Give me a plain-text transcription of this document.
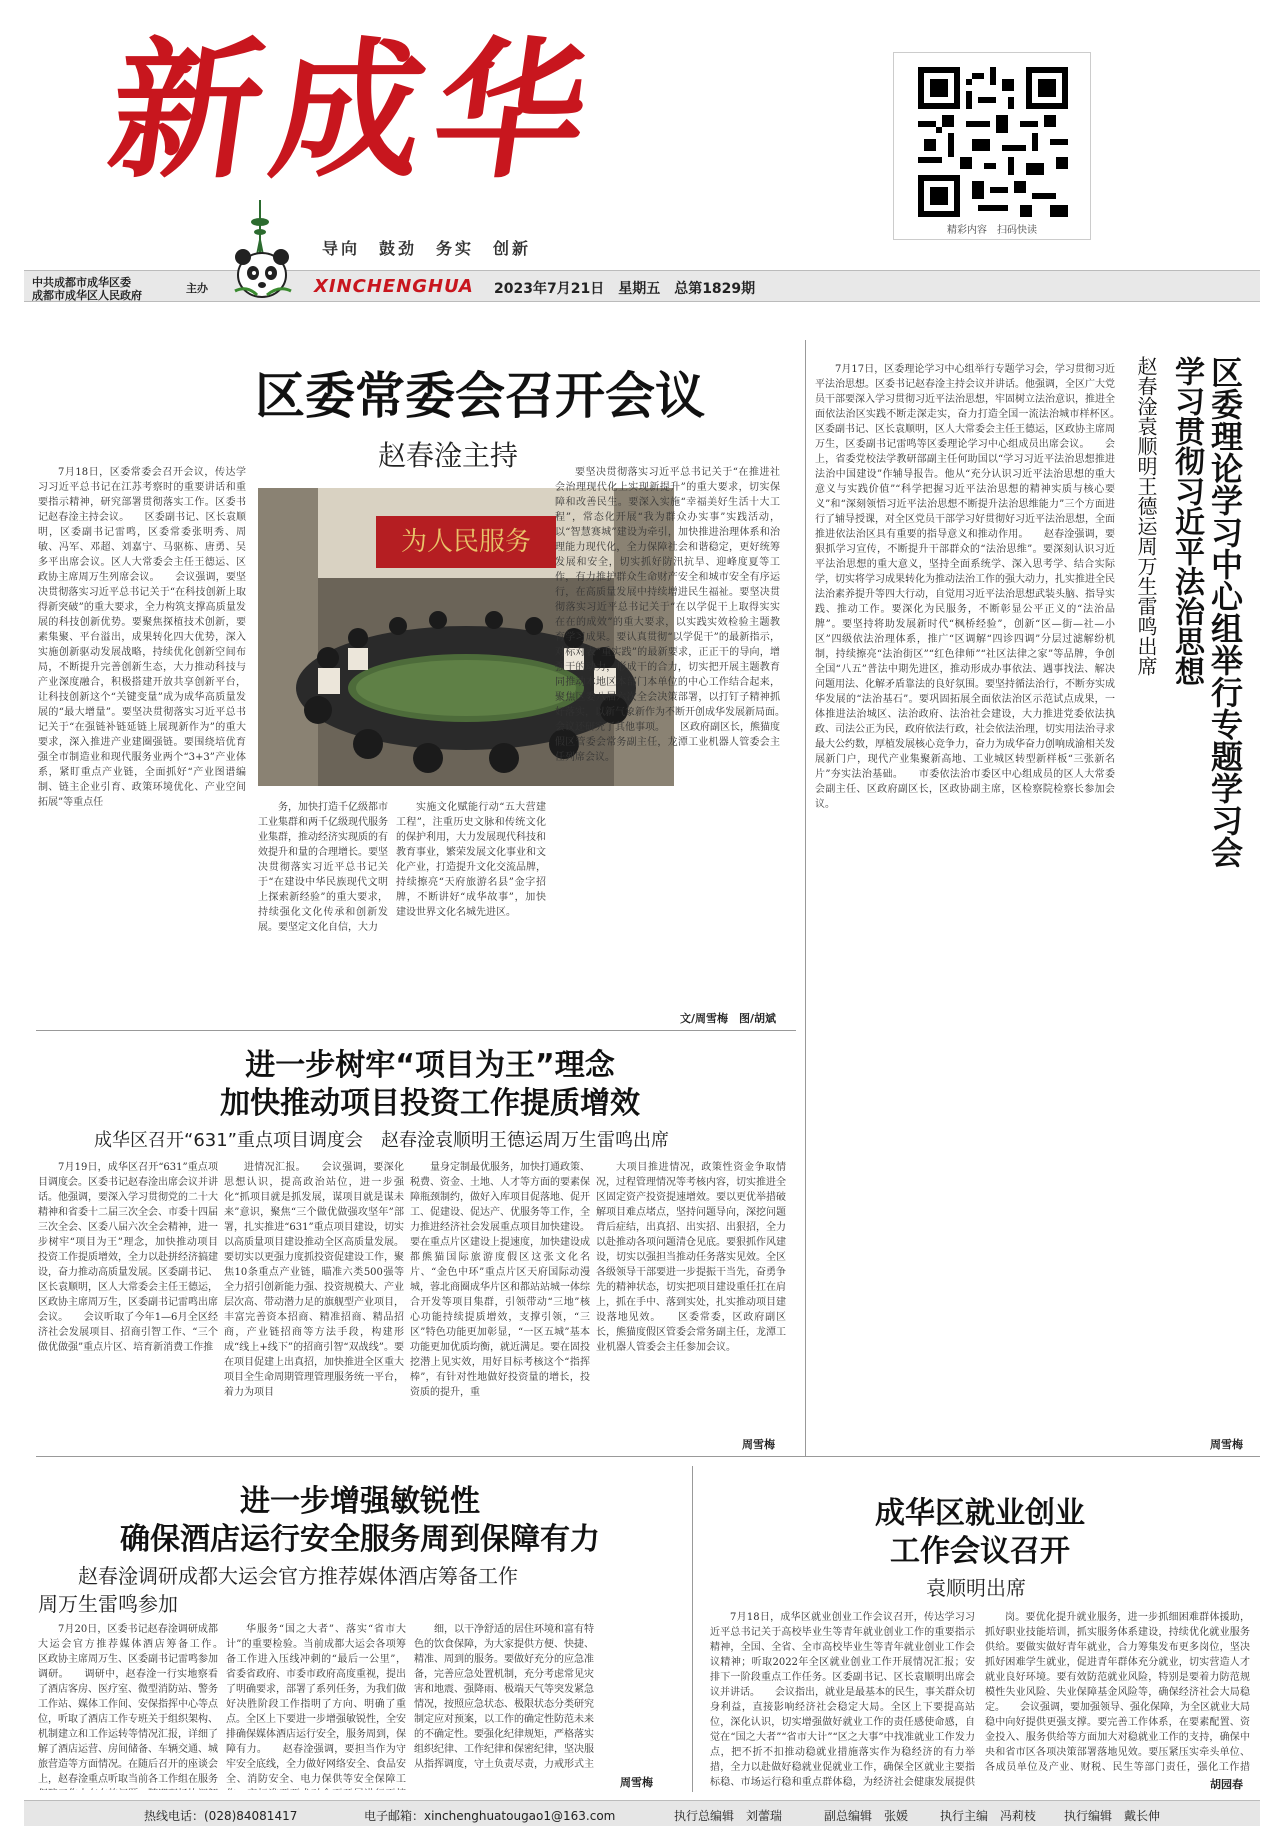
新成华
导向　鼓劲　务实　创新
精彩内容　扫码快读
中共成都市成华区委
成都市成华区人民政府
主办	XINCHENGHUA 2023年7月21日　星期五　总第1829期
区委常委会召开会议
赵春淦主持
7月18日，区委常委会召开会议，传达学习习近平总书记在江苏考察时的重要讲话和重要指示精神，研究部署贯彻落实工作。区委书记赵春淦主持会议。　　区委副书记、区长袁顺明，区委副书记雷鸣，区委常委张明秀、周敏、冯军、邓超、刘嘉宁、马驱栋、唐勇、吴多平出席会议。区人大常委会主任王德运、区政协主席周万生列席会议。　　会议强调，要坚决贯彻落实习近平总书记关于“在科技创新上取得新突破”的重大要求，全力构筑支撑高质量发展的科技创新优势。要聚焦探植技术创新，要素集聚、平台溢出，成果转化四大优势，深入实施创新驱动发展战略，持续优化创新空间布局，不断提升完善创新生态，大力推动科技与产业深度融合，积极搭建开放共享创新平台，让科技创新这个“关键变量”成为成华高质量发展的“最大增量”。要坚决贯彻落实习近平总书记关于“在强链补链延链上展现新作为”的重大要求，深入推进产业建圈强链。要围绕培优育强全市制造业和现代服务业两个“3+3”产业体系，紧盯重点产业链，全面抓好“产业图谱编制、链主企业引育、政策环境优化、产业空间拓展”等重点任
为人民服务
务，加快打造千亿级都市工业集群和两千亿级现代服务业集群，推动经济实现质的有效提升和量的合理增长。要坚决贯彻落实习近平总书记关于“在建设中华民族现代文明上探索新经验”的重大要求，持续强化文化传承和创新发展。要坚定文化自信，大力
实施文化赋能行动“五大营建工程”，注重历史文脉和传统文化的保护利用，大力发展现代科技和教育事业，繁荣发展文化事业和文化产业，打造提升文化交流品牌，持续擦亮“天府旅游名县”金字招牌，不断讲好“成华故事”，加快建设世界文化名城先进区。
要坚决贯彻落实习近平总书记关于“在推进社会治理现代化上实现新提升”的重大要求，切实保障和改善民生。要深入实施“幸福美好生活十大工程”，常态化开展“我为群众办实事”实践活动，以“智慧赛城”建设为牵引，加快推进治理体系和治理能力现代化，全力保障社会和谐稳定，更好统筹发展和安全，切实抓好防汛抗旱、迎峰度夏等工作，有力推护群众生命财产安全和城市安全有序运行，在高质量发展中持续增进民生福祉。要坚决贯彻落实习近平总书记关于“在以学促干上取得实实在在的成效”的重大要求，以实践实效检验主题教育学习成果。要认真贯彻“以学促干”的最新指示，对标对表“重实践”的最新要求，正正干的导向，增强干的动力，形成干的合力，切实把开展主题教育同推动本地区本部门本单位的中心工作结合起来，聚焦区委八届六次全会决策部署，以打钉子精神抓好落实，以新气象新作为不断开创成华发展新局面。　　会议还研究了其他事项。　　区政府副区长，熊猫度假区管委会常务副主任，龙潭工业机器人管委会主任列席会议。
文/周雪梅　图/胡斌
进一步树牢“项目为王”理念
加快推动项目投资工作提质增效
成华区召开“631”重点项目调度会　赵春淦袁顺明王德运周万生雷鸣出席
7月19日，成华区召开“631”重点项目调度会。区委书记赵春淦出席会议并讲话。他强调，要深入学习贯彻党的二十大精神和省委十二届三次全会、市委十四届三次全会、区委八届六次全会精神，进一步树牢“项目为王”理念，加快推动项目投资工作提质增效，全力以赴拼经济搞建设，奋力推动高质量发展。区委副书记、区长袁顺明，区人大常委会主任王德运，区政协主席周万生，区委副书记雷鸣出席会议。　　会议听取了今年1—6月全区经济社会发展项目、招商引智工作、“三个做优做强”重点片区、培育新消费工作推
进情况汇报。　　会议强调，要深化思想认识，提高政治站位，进一步强化“抓项目就是抓发展，谋项目就是谋未来”意识，聚焦“三个做优做强攻坚年”部署，扎实推进“631”重点项目建设，切实以高质量项目建设推动全区高质量发展。要切实以更强力度抓投资促建设工作，聚焦10条重点产业链，瞄准六类500强等全力招引创新能力强、投资规模大、产业层次高、带动潜力足的旗舰型产业项目，丰富完善资本招商、精准招商、精品招商，产业链招商等方法手段，构建形成“线上+线下”的招商引智“双战线”。要在项目促建上出真招，加快推进全区重大项目全生命周期管理管理服务统一平台，着力为项目
量身定制最优服务，加快打通政策、税费、资金、土地、人才等方面的要素保障瓶颈制约，做好入库项目促落地、促开工、促建设、促达产、优服务等工作，全力推进经济社会发展重点项目加快建设。要在重点片区建设上提速度，加快建设成都熊猫国际旅游度假区这张文化名片、“金色中环”重点片区天府国际动漫城，蓉北商圈成华片区和都站站城一体综合开发等项目集群，引领带动“三地”核心功能持续提质增效，支撑引领，“三区”特色功能更加彰显，“一区五城”基本功能更加优质均衡，就近满足。要在固投挖潜上见实效，用好目标考核这个“指挥棒”，有针对性地做好投资量的增长，投资质的提升，重
大项目推进情况，政策性资金争取情况，过程管理情况等考核内容，切实推进全区固定资产投资提速增效。要以更优举措破解项目难点堵点，坚持问题导向，深挖问题背后症结，出真招、出实招、出狠招，全力以赴推动各项问题清仓见底。要狠抓作风建设，切实以强担当推动任务落实见效。全区各级领导干部要进一步提振干当先，奋勇争先的精神状态，切实把项目建设重任扛在肩上，抓在手中、落到实处，扎实推动项目建设落地见效。　　区委常委，区政府副区长，熊猫度假区管委会常务副主任，龙潭工业机器人管委会主任参加会议。
周雪梅
区委理论学习中心组举行专题学习会
学习贯彻习近平法治思想
赵春淦袁顺明王德运周万生雷鸣出席
7月17日，区委理论学习中心组举行专题学习会，学习贯彻习近平法治思想。区委书记赵春淦主持会议并讲话。他强调，全区广大党员干部要深入学习贯彻习近平法治思想，牢固树立法治意识，推进全面依法治区实践不断走深走实，奋力打造全国一流法治城市样杯区。　　区委副书记、区长袁顺明，区人大常委会主任王德运，区政协主席周万生，区委副书记雷鸣等区委理论学习中心组成员出席会议。　　会上，省委党校法学教研部副主任何助国以“学习习近平法治思想推进法治中国建设”作辅导报告。他从“充分认识习近平法治思想的重大意义与实践价值”“科学把握习近平法治思想的精神实质与核心要义”和“深刻领悟习近平法治思想不断提升法治思维能力”三个方面进行了辅导授课，对全区党员干部学习好贯彻好习近平法治思想，全面推进依法治区具有重要的指导意义和推动作用。　　赵春淦强调，要狠抓学习宣传，不断提升干部群众的“法治思维”。要深刻认识习近平法治思想的重大意义，坚持全面系统学、深入思考学、结合实际学，切实将学习成果转化为推动法治工作的强大动力，扎实推进全民法治素养提升等四大行动，自觉用习近平法治思想武装头脑、指导实践、推动工作。要深化为民服务，不断彰显公平正义的“法治品牌”。要坚持将助发展新时代“枫桥经验”，创新“区—街—社—小区”四级依法治理体系，推广“区调解“四诊四调”分层过滤解纷机制，持续擦亮“法治街区”“红色律师”“社区法律之家”等品牌，争创全国“八五”普法中期先进区，推动形成办事依法、遇事找法、解决问题用法、化解矛盾靠法的良好氛围。要坚持循法治行，不断夯实成华发展的“法治基石”。要巩固拓展全面依法治区示范试点成果，一体推进法治城区、法治政府、法治社会建设，大力推进党委依法执政、司法公正为民，政府依法行政，社会依法治理，切实用法治寻求最大公约数，厚植发展核心竞争力，奋力为成华奋力创响成渝相关发展新门户，现代产业集聚新高地、工业城区转型新样板“三张新名片”夯实法治基础。　　市委依法治市委区中心组成员的区人大常委会副主任、区政府副区长，区政协副主席，区检察院检察长参加会议。
周雪梅
进一步增强敏锐性
确保酒店运行安全服务周到保障有力
赵春淦调研成都大运会官方推荐媒体酒店筹备工作
周万生雷鸣参加
7月20日，区委书记赵春淦调研成都大运会官方推荐媒体酒店筹备工作。　　区政协主席周万生、区委副书记雷鸣参加调研。　　调研中，赵春淦一行实地察看了酒店客房、医疗室、微型消防站、警务工作站、媒体工作间、安保指挥中心等点位，听取了酒店工作专班关于组织架构、机制建立和工作运转等情况汇报，详细了解了酒店运营、房间储备、车辆交通、城旅营造等方面情况。在随后召开的座谈会上，赵春淦重点听取当前各工作组在服务　　
华服务“国之大者”、落实“省市大计”的重要检验。当前成都大运会各项筹备工作进入压线冲刺的“最后一公里”，省委省政府、市委市政府高度重视，提出了明确要求，部署了系列任务，为我们做好决胜阶段工作指明了方向、明确了重点。全区上下要进一步增强敏锐性，全安排确保媒体酒店运行安全，服务周到，保障有力。　　赵春淦强调，要担当作为守牢安全底线，全力做好网络安全、食品安全、消防安全、电力保供等安全保障工
细，以干净舒适的居住环境和富有特色的饮食保障，为大家提供方便、快捷、精准、周到的服务。要做好充分的应急准备，完善应急处置机制，充分考虑常见灾害和地震、强降雨、极端天气等突发紧急情况，按照应急状态、极限状态分类研究制定应对预案，以工作的确定性防范未来的不确定性。要强化纪律规矩，严格落实组织纪律、工作纪律和保密纪律，坚决服从指挥调度，守土负责尽责，力戒形式主　　
周雪梅
成华区就业创业
工作会议召开
袁顺明出席
7月18日，成华区就业创业工作会议召开，传达学习习近平总书记关于高校毕业生等青年就业创业工作的重要指示精神，全国、全省、全市高校毕业生等青年就业创业工作会议精神；听取2022年全区就业创业工作开展情况汇报；安排下一阶段重点工作任务。区委副书记、区长袁顺明出席会议并讲话。　　会议指出，就业是最基本的民生，事关群众切身利益，直接影响经济社会稳定大局。全区上下要提高站位，深化认识，切实增强做好就业工作的责任感使命感，自觉在“国之大者”“省市大计”“区之大事”中找准就业工作发力点，把不折不扣推动稳就业措施落实作为稳经济的有力举措，全力以赴做好稳就业促就业工作，确保全区就业主要指标稳、市场运行稳和重点群体稳，为经济社会健康发展提供　　
岗。要优化提升就业服务，进一步抓细困难群体援助，抓好职业技能培训，抓实服务体系建设，持续优化就业服务供给。要做实做好青年就业，合力筹集发布更多岗位，坚决抓好困难学生就业，促进青年群体充分就业，切实营造人才就业良好环境。要有效防范就业风险，特别是要着力防范规模性失业风险、失业保障基金风险等，确保经济社会大局稳定。　　会议强调，要加强领导、强化保障，为全区就业大局稳中向好提供更强支撑。要完善工作体系，在要素配置、资金投入、服务供给等方面加大对稳就业工作的支持，确保中央和省市区各项决策部署落地见效。要压紧压实牵头单位、各成员单位及产业、财税、民生等部门责任，强化工作措　　
胡园春
热线电话：(028)84081417	电子邮箱：xinchenghuatougao1@163.com	执行总编辑　刘蕾瑞	副总编辑　张媛	执行主编　冯莉枝 执行编辑　戴长伸
